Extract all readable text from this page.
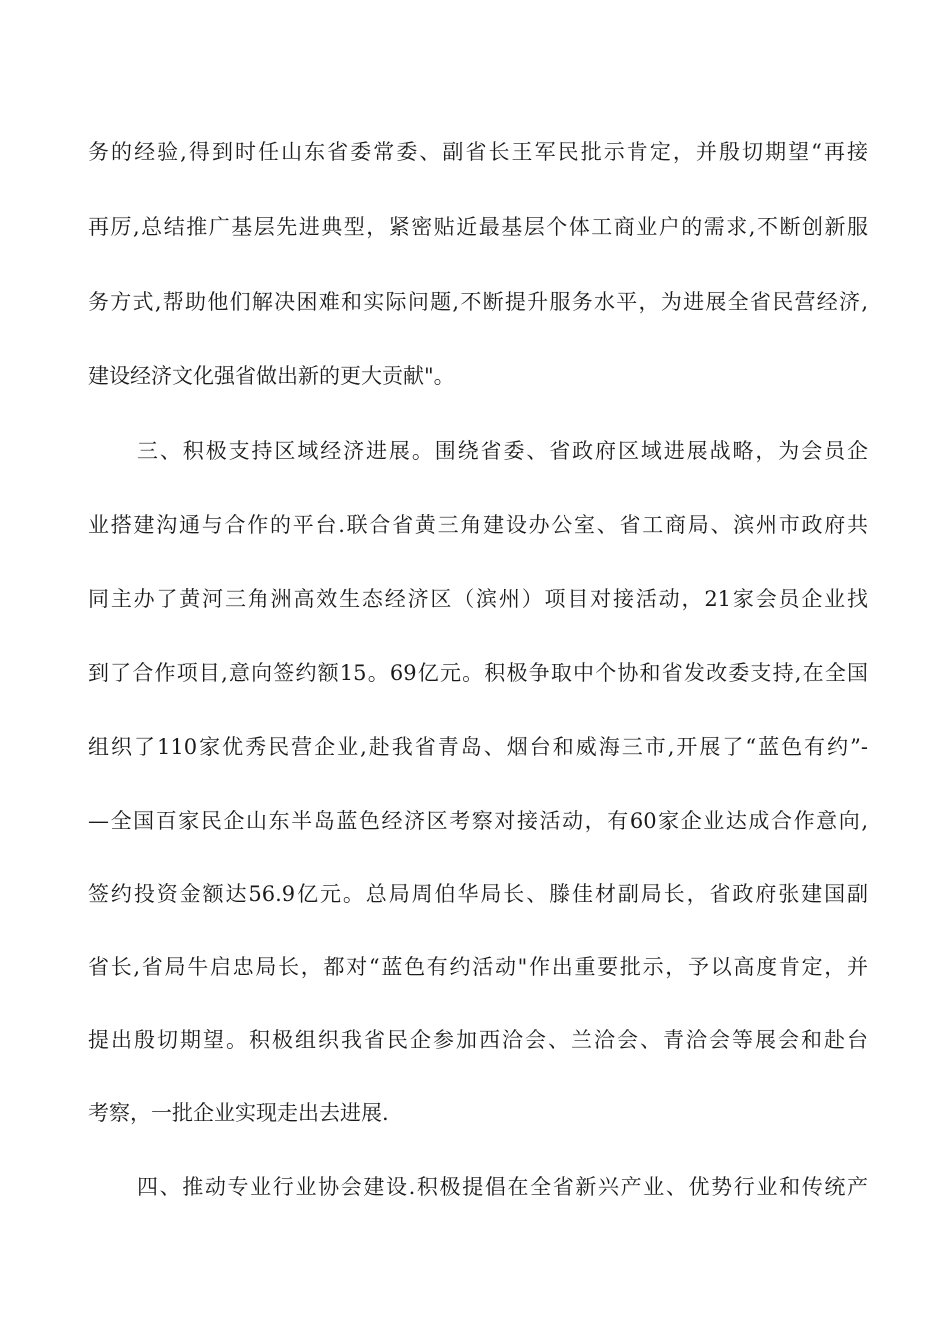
务的经验,得到时任山东省委常委、副省长王军民批示肯定，并殷切期望“再接
再厉,总结推广基层先进典型，紧密贴近最基层个体工商业户的需求,不断创新服
务方式,帮助他们解决困难和实际问题,不断提升服务水平，为进展全省民营经济,
建设经济文化强省做出新的更大贡献"。
三、积极支持区域经济进展。围绕省委、省政府区域进展战略，为会员企
业搭建沟通与合作的平台.联合省黄三角建设办公室、省工商局、滨州市政府共
同主办了黄河三角洲高效生态经济区（滨州）项目对接活动，21家会员企业找
到了合作项目,意向签约额15。69亿元。积极争取中个协和省发改委支持,在全国
组织了110家优秀民营企业,赴我省青岛、烟台和威海三市,开展了“蓝色有约”-
—全国百家民企山东半岛蓝色经济区考察对接活动，有60家企业达成合作意向,
签约投资金额达56.9亿元。总局周伯华局长、滕佳材副局长，省政府张建国副
省长,省局牛启忠局长，都对“蓝色有约活动"作出重要批示，予以高度肯定，并
提出殷切期望。积极组织我省民企参加西洽会、兰洽会、青洽会等展会和赴台
考察，一批企业实现走出去进展.
四、推动专业行业协会建设.积极提倡在全省新兴产业、优势行业和传统产
